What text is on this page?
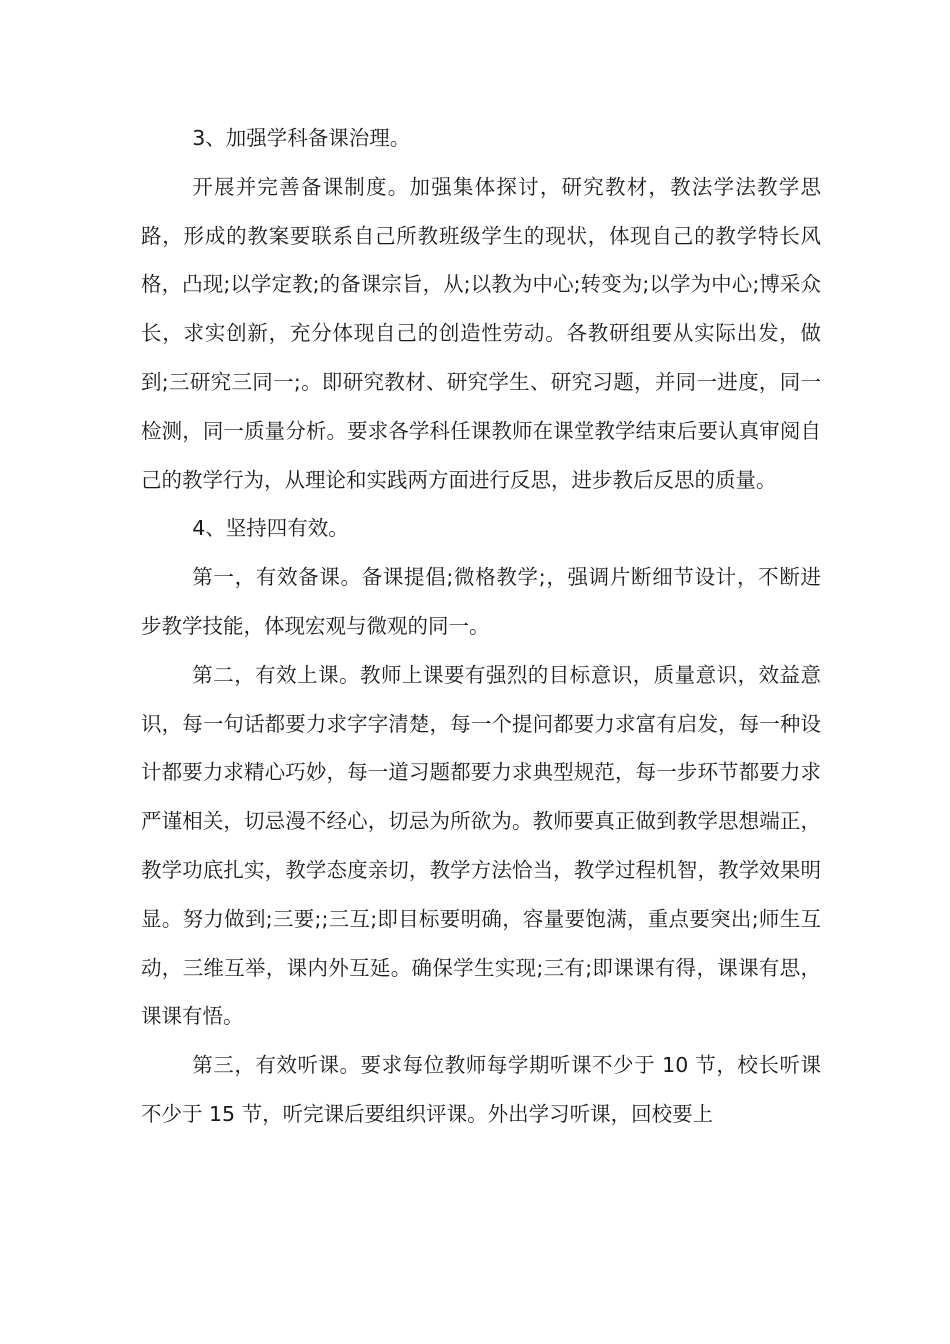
3、加强学科备课治理。

开展并完善备课制度。加强集体探讨，研究教材，教法学法教学思路，形成的教案要联系自己所教班级学生的现状，体现自己的教学特长风格，凸现;以学定教;的备课宗旨，从;以教为中心;转变为;以学为中心;博采众长，求实创新，充分体现自己的创造性劳动。各教研组要从实际出发，做到;三研究三同一;。即研究教材、研究学生、研究习题，并同一进度，同一检测，同一质量分析。要求各学科任课教师在课堂教学结束后要认真审阅自己的教学行为，从理论和实践两方面进行反思，进步教后反思的质量。

4、坚持四有效。

第一，有效备课。备课提倡;微格教学;，强调片断细节设计，不断进步教学技能，体现宏观与微观的同一。

第二，有效上课。教师上课要有强烈的目标意识，质量意识，效益意识，每一句话都要力求字字清楚，每一个提问都要力求富有启发，每一种设计都要力求精心巧妙，每一道习题都要力求典型规范，每一步环节都要力求严谨相关，切忌漫不经心，切忌为所欲为。教师要真正做到教学思想端正，教学功底扎实，教学态度亲切，教学方法恰当，教学过程机智，教学效果明显。努力做到;三要;;三互;即目标要明确，容量要饱满，重点要突出;师生互动，三维互举，课内外互延。确保学生实现;三有;即课课有得，课课有思，课课有悟。

第三，有效听课。要求每位教师每学期听课不少于 10 节，校长听课不少于 15 节，听完课后要组织评课。外出学习听课，回校要上
